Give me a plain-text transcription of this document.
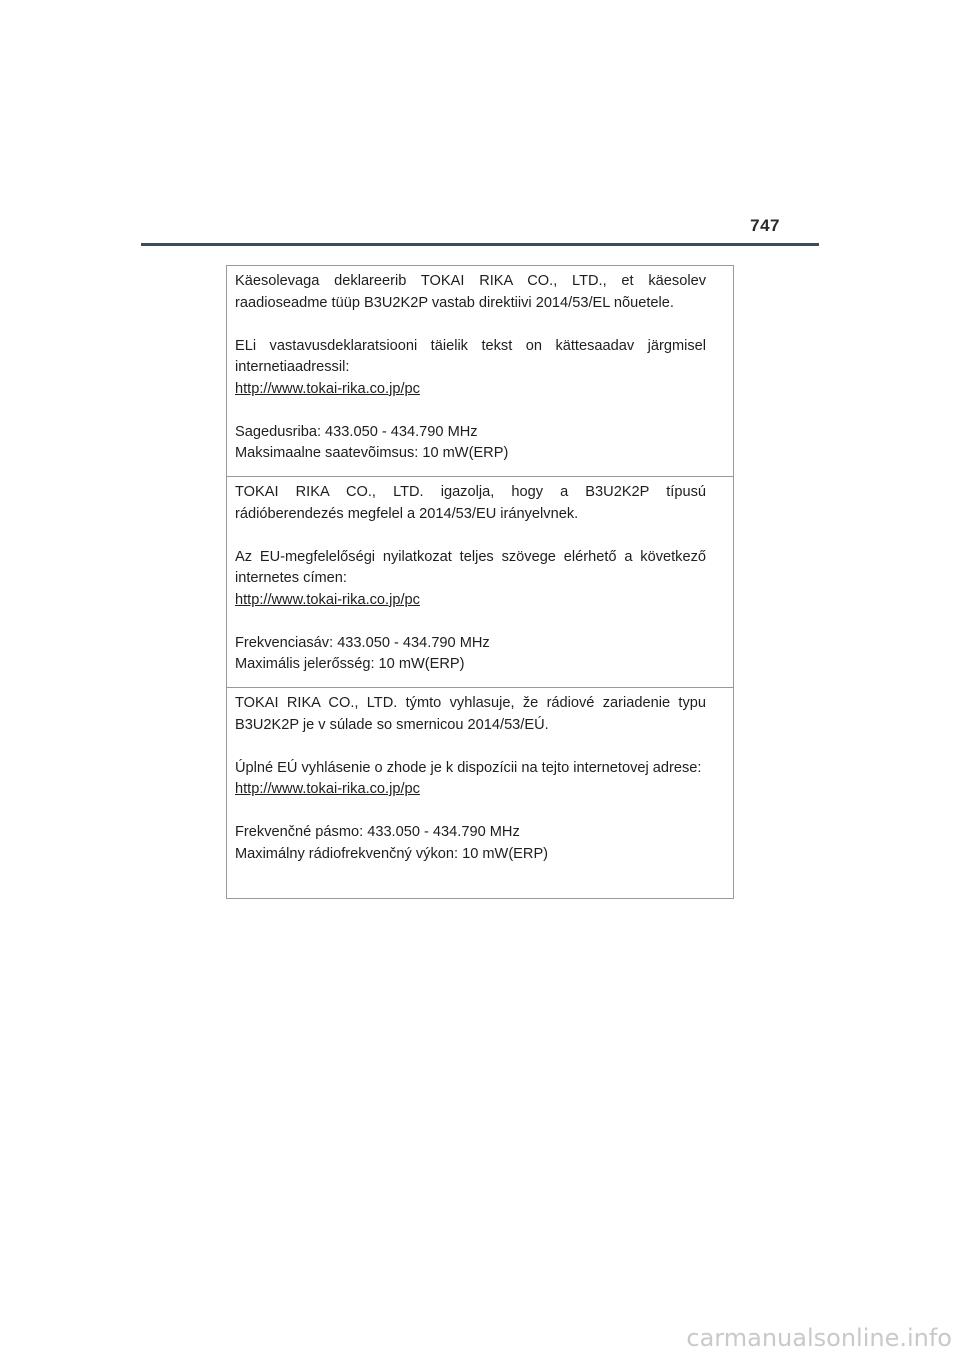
747

Käesolevaga deklareerib TOKAI RIKA CO., LTD., et käesolev raadioseadme tüüp B3U2K2P vastab direktiivi 2014/53/EL nõuetele.

ELi vastavusdeklaratsiooni täielik tekst on kättesaadav järgmisel internetiaadressil:

http://www.tokai-rika.co.jp/pc
Sagedusriba: 433.050 - 434.790 MHz
Maksimaalne saatevõimsus: 10 mW(ERP)

TOKAI RIKA CO., LTD. igazolja, hogy a B3U2K2P típusú rádióberendezés megfelel a 2014/53/EU irányelvnek.

Az EU-megfelelőségi nyilatkozat teljes szövege elérhető a következő internetes címen:

http://www.tokai-rika.co.jp/pc
Frekvenciasáv: 433.050 - 434.790 MHz
Maximális jelerősség: 10 mW(ERP)

TOKAI RIKA CO., LTD. týmto vyhlasuje, že rádiové zariadenie typu B3U2K2P je v súlade so smernicou 2014/53/EÚ.

Úplné EÚ vyhlásenie o zhode je k dispozícii na tejto internetovej adrese:

http://www.tokai-rika.co.jp/pc
Frekvenčné pásmo: 433.050 - 434.790 MHz
Maximálny rádiofrekvenčný výkon: 10 mW(ERP)
carmanualsonline.info
